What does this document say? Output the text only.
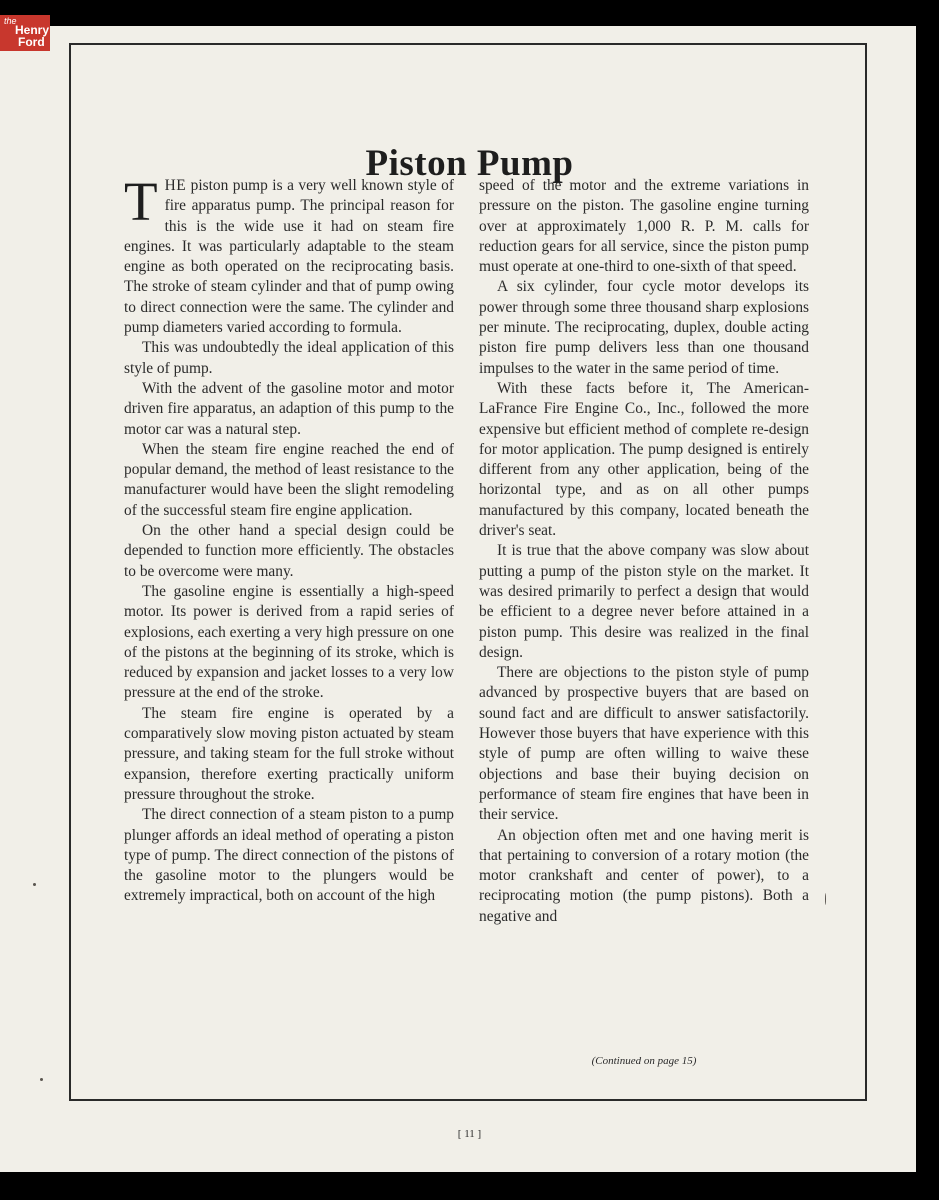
the
Henry
Ford
Piston Pump

THE piston pump is a very well known style of fire apparatus pump. The principal reason for this is the wide use it had on steam fire engines. It was particularly adaptable to the steam engine as both operated on the reciprocating basis. The stroke of steam cylinder and that of pump owing to direct connection were the same. The cylinder and pump diameters varied according to formula.

This was undoubtedly the ideal application of this style of pump.

With the advent of the gasoline motor and motor driven fire apparatus, an adaption of this pump to the motor car was a natural step.

When the steam fire engine reached the end of popular demand, the method of least resistance to the manufacturer would have been the slight remodeling of the successful steam fire engine application.

On the other hand a special design could be depended to function more efficiently. The obstacles to be overcome were many.

The gasoline engine is essentially a high-speed motor. Its power is derived from a rapid series of explosions, each exerting a very high pressure on one of the pistons at the beginning of its stroke, which is reduced by expansion and jacket losses to a very low pressure at the end of the stroke.

The steam fire engine is operated by a comparatively slow moving piston actuated by steam pressure, and taking steam for the full stroke without expansion, therefore exerting practically uniform pressure throughout the stroke.

The direct connection of a steam piston to a pump plunger affords an ideal method of operating a piston type of pump. The direct connection of the pistons of the gasoline motor to the plungers would be extremely impractical, both on account of the high

speed of the motor and the extreme variations in pressure on the piston. The gasoline engine turning over at approximately 1,000 R. P. M. calls for reduction gears for all service, since the piston pump must operate at one-third to one-sixth of that speed.

A six cylinder, four cycle motor develops its power through some three thousand sharp explosions per minute. The reciprocating, duplex, double acting piston fire pump delivers less than one thousand impulses to the water in the same period of time.

With these facts before it, The American-LaFrance Fire Engine Co., Inc., followed the more expensive but efficient method of complete re-design for motor application. The pump designed is entirely different from any other application, being of the horizontal type, and as on all other pumps manufactured by this company, located beneath the driver's seat.

It is true that the above company was slow about putting a pump of the piston style on the market. It was desired primarily to perfect a design that would be efficient to a degree never before attained in a piston pump. This desire was realized in the final design.

There are objections to the piston style of pump advanced by prospective buyers that are based on sound fact and are difficult to answer satisfactorily. However those buyers that have experience with this style of pump are often willing to waive these objections and base their buying decision on performance of steam fire engines that have been in their service.

An objection often met and one having merit is that pertaining to conversion of a rotary motion (the motor crankshaft and center of power), to a reciprocating motion (the pump pistons). Both a negative and

(Continued on page 15)
[ 11 ]
